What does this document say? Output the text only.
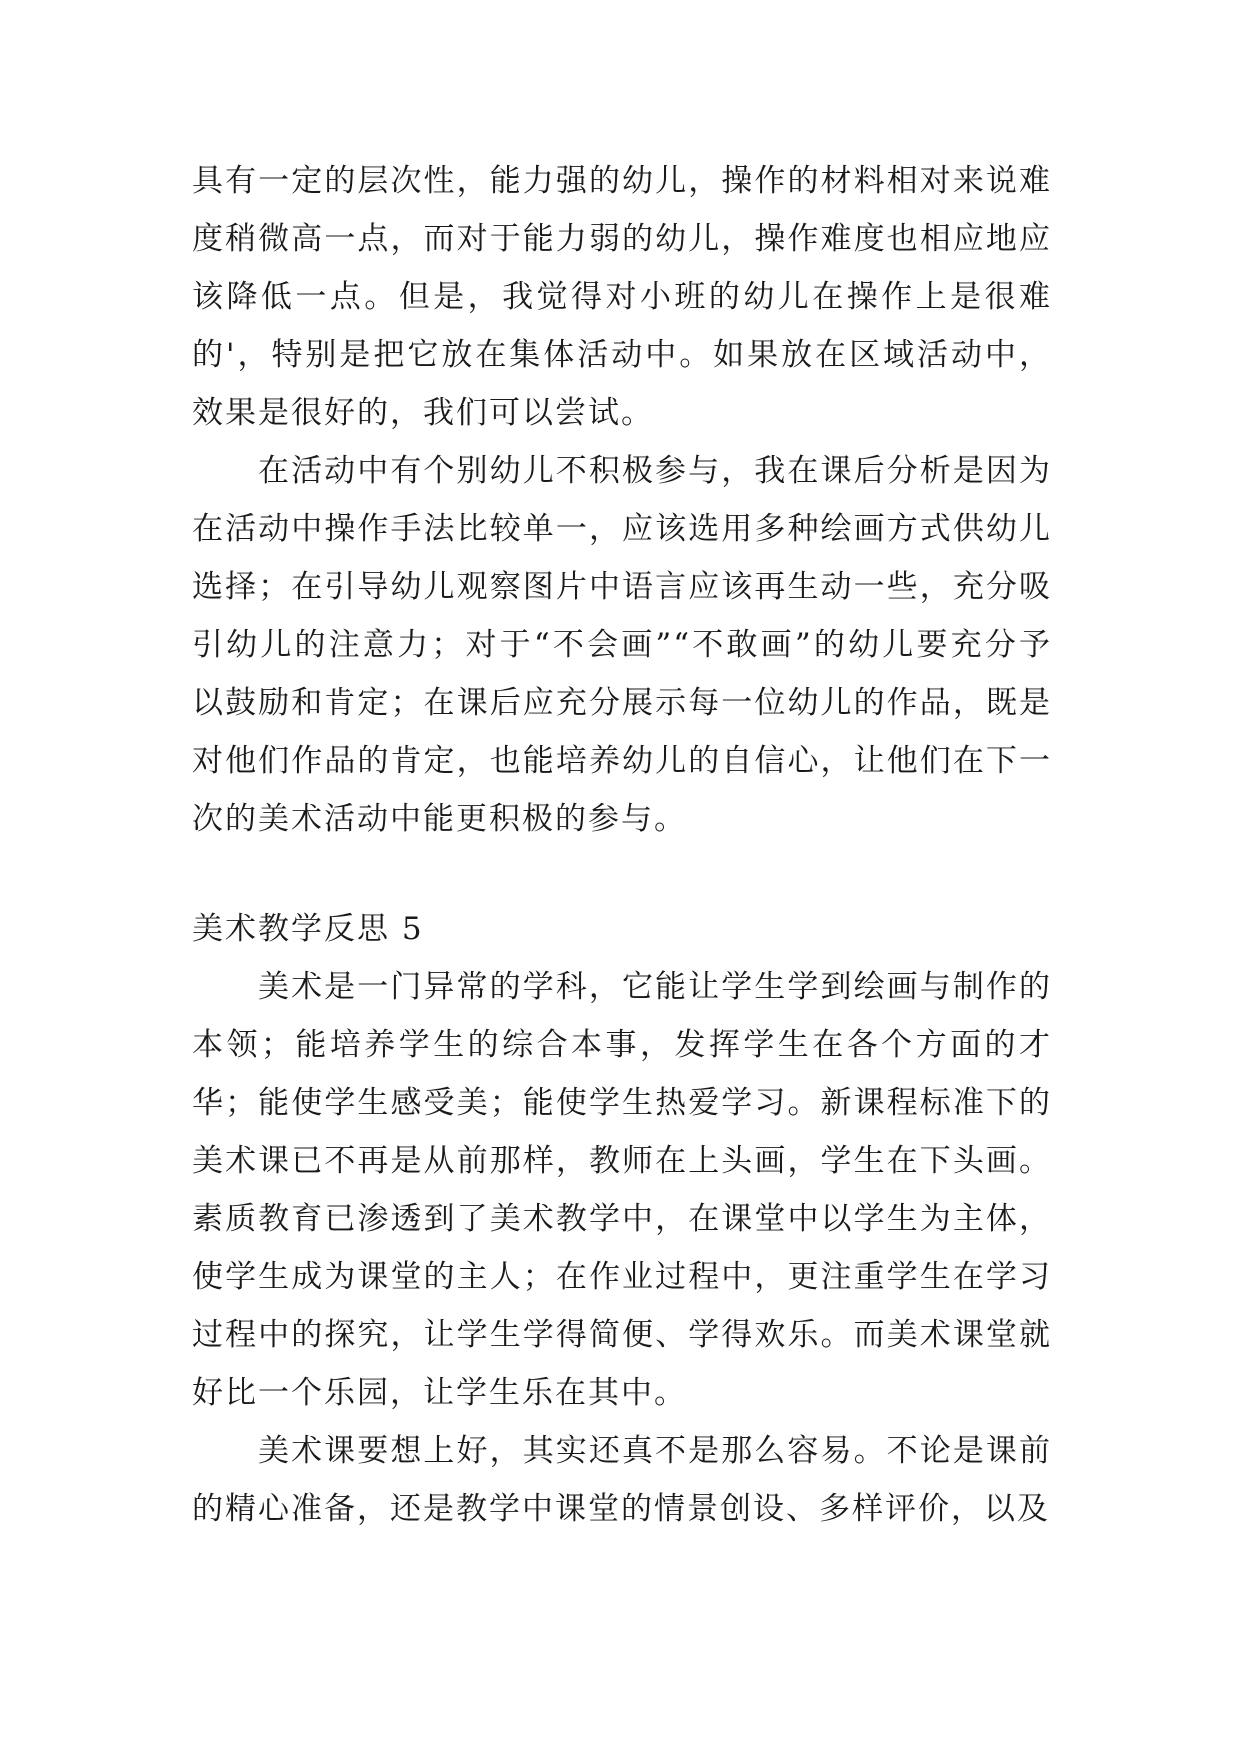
具有一定的层次性，能力强的幼儿，操作的材料相对来说难度稍微高一点，而对于能力弱的幼儿，操作难度也相应地应该降低一点。但是，我觉得对小班的幼儿在操作上是很难的'，特别是把它放在集体活动中。如果放在区域活动中，效果是很好的，我们可以尝试。

在活动中有个别幼儿不积极参与，我在课后分析是因为在活动中操作手法比较单一，应该选用多种绘画方式供幼儿选择；在引导幼儿观察图片中语言应该再生动一些，充分吸引幼儿的注意力；对于“不会画”“不敢画”的幼儿要充分予以鼓励和肯定；在课后应充分展示每一位幼儿的作品，既是对他们作品的肯定，也能培养幼儿的自信心，让他们在下一次的美术活动中能更积极的参与。

美术教学反思 5

美术是一门异常的学科，它能让学生学到绘画与制作的本领；能培养学生的综合本事，发挥学生在各个方面的才华；能使学生感受美；能使学生热爱学习。新课程标准下的美术课已不再是从前那样，教师在上头画，学生在下头画。素质教育已渗透到了美术教学中，在课堂中以学生为主体，使学生成为课堂的主人；在作业过程中，更注重学生在学习过程中的探究，让学生学得简便、学得欢乐。而美术课堂就好比一个乐园，让学生乐在其中。

美术课要想上好，其实还真不是那么容易。不论是课前的精心准备，还是教学中课堂的情景创设、多样评价，以及
